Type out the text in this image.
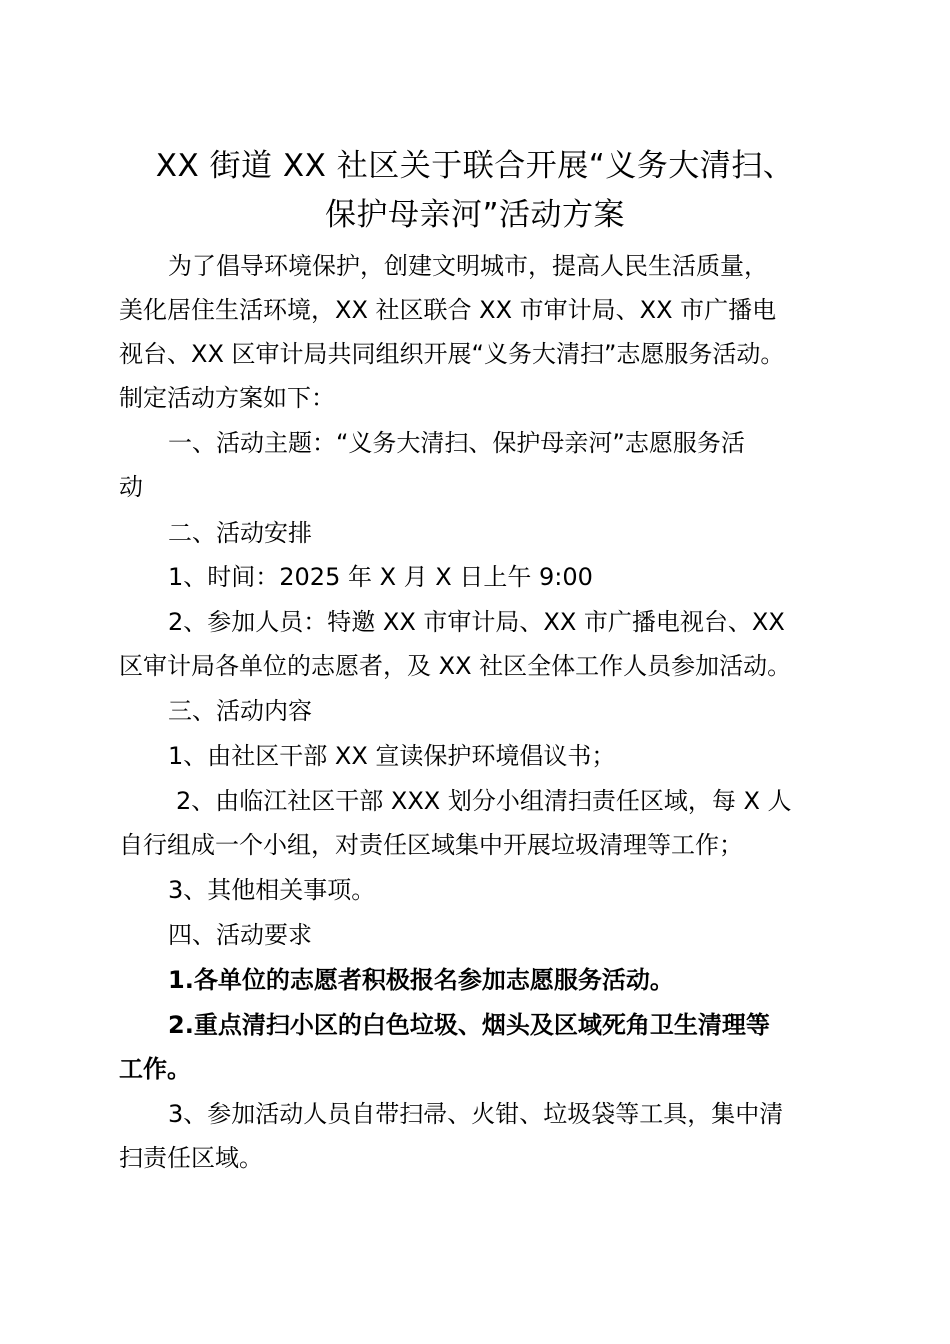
XX 街道 XX 社区关于联合开展“义务大清扫、
保护母亲河”活动方案
为了倡导环境保护，创建文明城市，提高人民生活质量，
美化居住生活环境，XX 社区联合 XX 市审计局、XX 市广播电
视台、XX 区审计局共同组织开展“义务大清扫”志愿服务活动。
制定活动方案如下：
一、活动主题：“义务大清扫、保护母亲河”志愿服务活
动
二、活动安排
1、时间：2025 年 X 月 X 日上午 9:00
2、参加人员：特邀 XX 市审计局、XX 市广播电视台、XX
区审计局各单位的志愿者，及 XX 社区全体工作人员参加活动。
三、活动内容
1、由社区干部 XX 宣读保护环境倡议书；
2、由临江社区干部 XXX 划分小组清扫责任区域，每 X 人
自行组成一个小组，对责任区域集中开展垃圾清理等工作；
3、其他相关事项。
四、活动要求
1.各单位的志愿者积极报名参加志愿服务活动。
2.重点清扫小区的白色垃圾、烟头及区域死角卫生清理等
工作。
3、参加活动人员自带扫帚、火钳、垃圾袋等工具，集中清
扫责任区域。
